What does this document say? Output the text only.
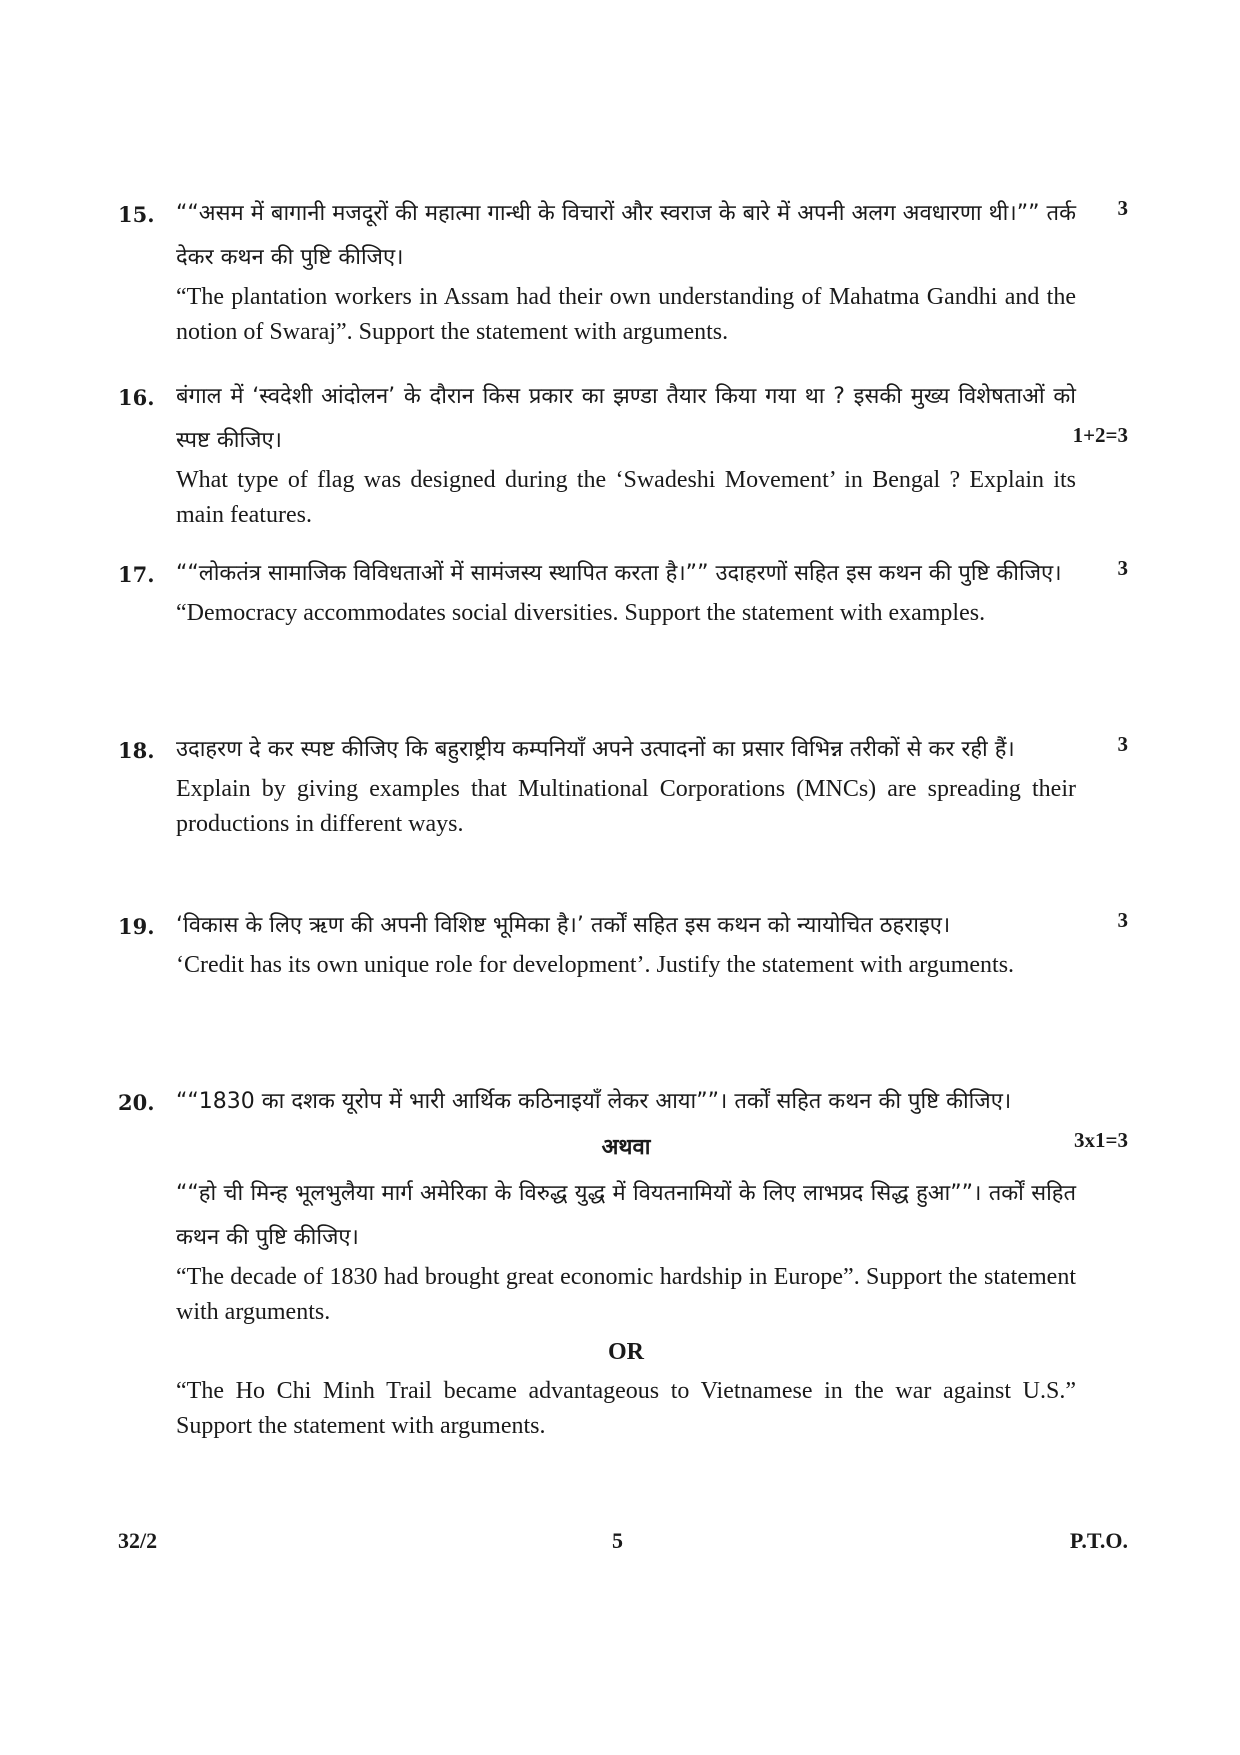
15.	3

““असम में बागानी मजदूरों की महात्मा गान्धी के विचारों और स्वराज के बारे में अपनी अलग अवधारणा थी।”” तर्क देकर कथन की पुष्टि कीजिए।

“The plantation workers in Assam had their own understanding of Mahatma Gandhi and the notion of Swaraj”. Support the statement with arguments.

16.
1+2=3

बंगाल में ‘स्वदेशी आंदोलन’ के दौरान किस प्रकार का झण्डा तैयार किया गया था ? इसकी मुख्य विशेषताओं को स्पष्ट कीजिए।

What type of flag was designed during the ‘Swadeshi Movement’ in Bengal ? Explain its main features.

17.	3

““लोकतंत्र सामाजिक विविधताओं में सामंजस्य स्थापित करता है।”” उदाहरणों सहित इस कथन की पुष्टि कीजिए।

“Democracy accommodates social diversities. Support the statement with examples.

18.	3

उदाहरण दे कर स्पष्ट कीजिए कि बहुराष्ट्रीय कम्पनियाँ अपने उत्पादनों का प्रसार विभिन्न तरीकों से कर रही हैं।

Explain by giving examples that Multinational Corporations (MNCs) are spreading their productions in different ways.

19.	3

‘विकास के लिए ऋण की अपनी विशिष्ट भूमिका है।’ तर्कों सहित इस कथन को न्यायोचित ठहराइए।

‘Credit has its own unique role for development’. Justify the statement with arguments.

20.
3x1=3

““1830 का दशक यूरोप में भारी आर्थिक कठिनाइयाँ लेकर आया””। तर्कों सहित कथन की पुष्टि कीजिए।

अथवा

““हो ची मिन्ह भूलभुलैया मार्ग अमेरिका के विरुद्ध युद्ध में वियतनामियों के लिए लाभप्रद सिद्ध हुआ””। तर्कों सहित कथन की पुष्टि कीजिए।

“The decade of 1830 had brought great economic hardship in Europe”. Support the statement with arguments.

OR

“The Ho Chi Minh Trail became advantageous to Vietnamese in the war against U.S.” Support the statement with arguments.

32/2	5	P.T.O.
